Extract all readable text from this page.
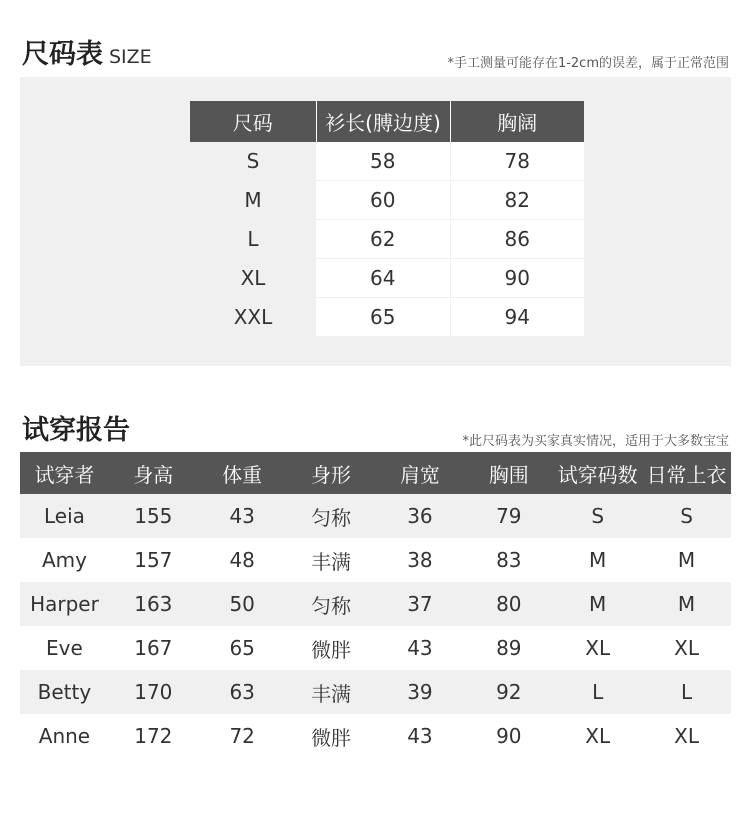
尺码表 SIZE	*手工测量可能存在1-2cm的误差，属于正常范围
尺码	衫长(膊边度)	胸阔
S	58	78
M	60	82
L	62	86
XL	64	90
XXL	65	94
试穿报告	*此尺码表为买家真实情况，适用于大多数宝宝
试穿者	身高	体重	身形	肩宽	胸围	试穿码数	日常上衣
Leia	155	43	匀称	36	79	S	S
Amy	157	48	丰满	38	83	M	M
Harper	163	50	匀称	37	80	M	M
Eve	167	65	微胖	43	89	XL	XL
Betty	170	63	丰满	39	92	L	L
Anne	172	72	微胖	43	90	XL	XL
